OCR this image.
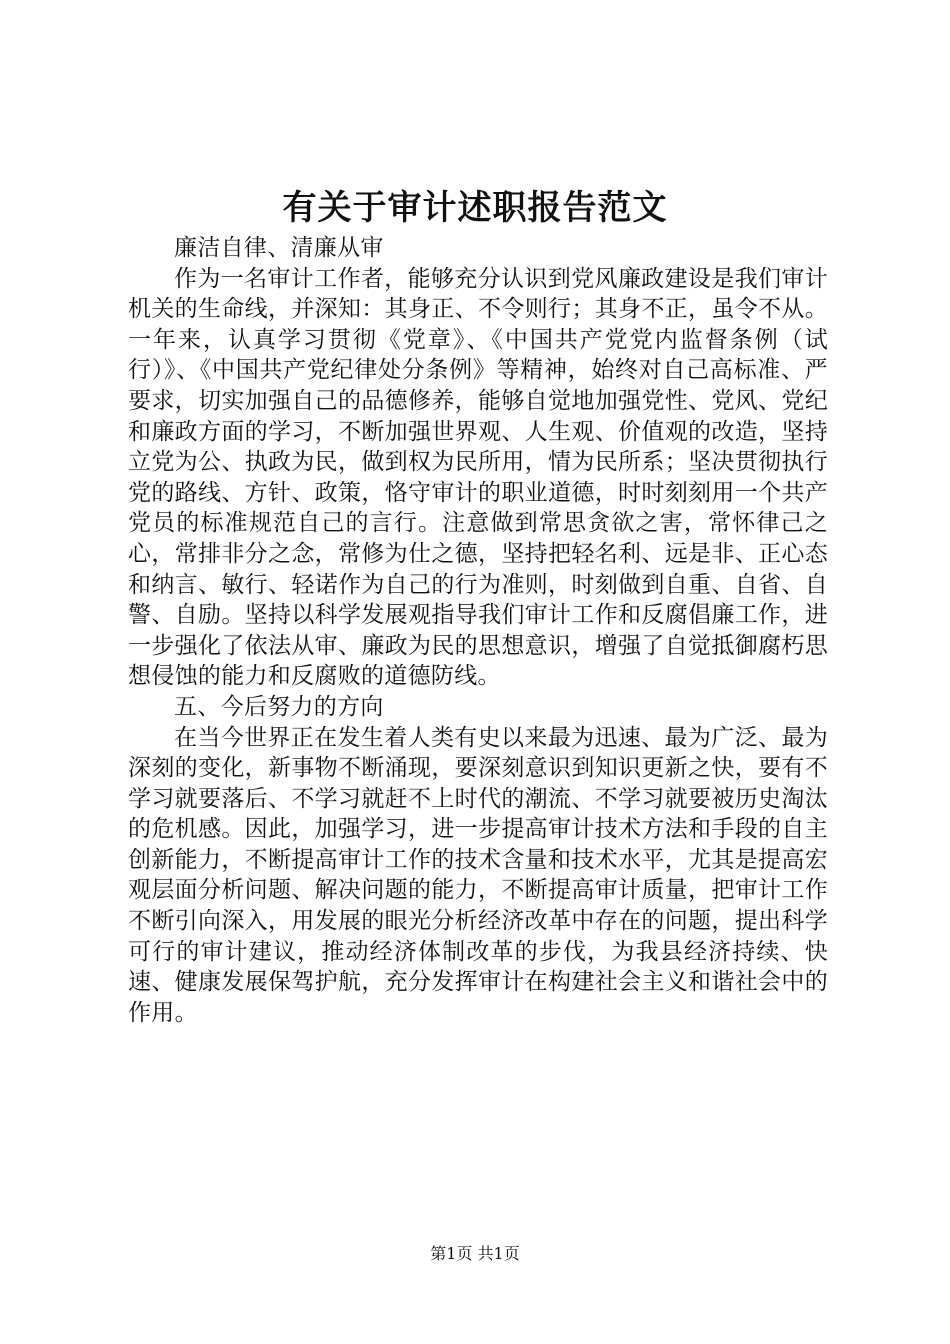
有关于审计述职报告范文

廉洁自律、清廉从审

作为一名审计工作者，能够充分认识到党风廉政建设是我们审计机关的生命线，并深知：其身正、不令则行；其身不正，虽令不从。一年来，认真学习贯彻《党章》、《中国共产党党内监督条例（试行）》、《中国共产党纪律处分条例》等精神，始终对自己高标准、严要求，切实加强自己的品德修养，能够自觉地加强党性、党风、党纪和廉政方面的学习，不断加强世界观、人生观、价值观的改造，坚持立党为公、执政为民，做到权为民所用，情为民所系；坚决贯彻执行党的路线、方针、政策，恪守审计的职业道德，时时刻刻用一个共产党员的标准规范自己的言行。注意做到常思贪欲之害，常怀律己之心，常排非分之念，常修为仕之德，坚持把轻名利、远是非、正心态和纳言、敏行、轻诺作为自己的行为准则，时刻做到自重、自省、自警、自励。坚持以科学发展观指导我们审计工作和反腐倡廉工作，进一步强化了依法从审、廉政为民的思想意识，增强了自觉抵御腐朽思想侵蚀的能力和反腐败的道德防线。

五、今后努力的方向

在当今世界正在发生着人类有史以来最为迅速、最为广泛、最为深刻的变化，新事物不断涌现，要深刻意识到知识更新之快，要有不学习就要落后、不学习就赶不上时代的潮流、不学习就要被历史淘汰的危机感。因此，加强学习，进一步提高审计技术方法和手段的自主创新能力，不断提高审计工作的技术含量和技术水平，尤其是提高宏观层面分析问题、解决问题的能力，不断提高审计质量，把审计工作不断引向深入，用发展的眼光分析经济改革中存在的问题，提出科学可行的审计建议，推动经济体制改革的步伐，为我县经济持续、快速、健康发展保驾护航，充分发挥审计在构建社会主义和谐社会中的作用。

第1页 共1页
